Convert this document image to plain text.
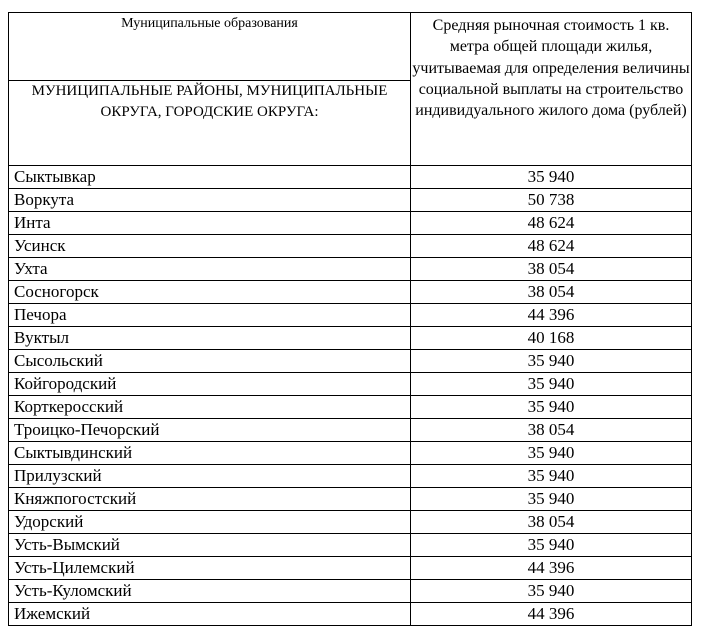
Муниципальные образования	Средняя рыночная стоимость 1 кв. метра общей площади жилья, учитываемая для определения величины социальной выплаты на строительство индивидуального жилого дома (рублей)

МУНИЦИПАЛЬНЫЕ РАЙОНЫ, МУНИЦИПАЛЬНЫЕ ОКРУГА, ГОРОДСКИЕ ОКРУГА:	

Сыктывкар	35 940
Воркута	50 738
Инта	48 624
Усинск	48 624
Ухта	38 054
Сосногорск	38 054
Печора	44 396
Вуктыл	40 168
Сысольский	35 940
Койгородский	35 940
Корткеросский	35 940
Троицко-Печорский	38 054
Сыктывдинский	35 940
Прилузский	35 940
Княжпогостский	35 940
Удорский	38 054
Усть-Вымский	35 940
Усть-Цилемский	44 396
Усть-Куломский	35 940
Ижемский	44 396
